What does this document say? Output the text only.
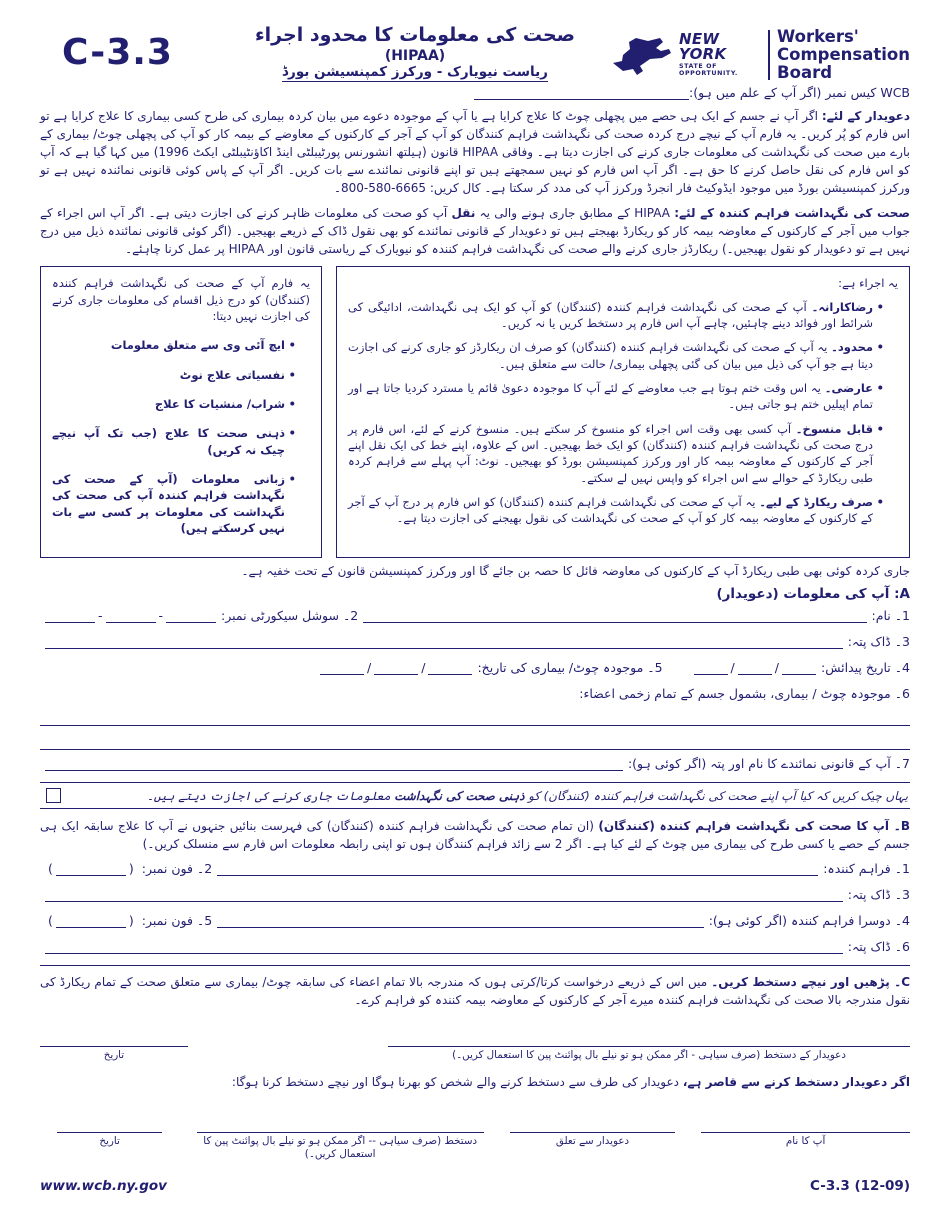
C-3.3	صحت کی معلومات کا محدود اجراء
(HIPAA)
ریاست نیویارک - ورکرز کمپنسیشن بورڈ
NEW YORK
STATE OF OPPORTUNITY.
Workers'
Compensation
Board
WCB کیس نمبر (اگر آپ کے علم میں ہو):

دعویدار کے لئے: اگر آپ نے جسم کے ایک ہی حصے میں پچھلی چوٹ کا علاج کرایا ہے یا آپ کے موجودہ دعوے میں بیان کردہ بیماری کی طرح کسی بیماری کا علاج کرایا ہے تو اس فارم کو پُر کریں۔ یہ فارم آپ کے نیچے درج کردہ صحت کی نگہداشت فراہم کنندگان کو آپ کے آجر کے کارکنوں کے معاوضے کے بیمہ کار کو آپ کی پچھلی چوٹ/ بیماری کے بارے میں صحت کی نگہداشت کی معلومات جاری کرنے کی اجازت دیتا ہے۔ وفاقی HIPAA قانون (ہیلتھ انشورنس پورٹیبلٹی اینڈ اکاؤنٹیبلٹی ایکٹ 1996) میں کہا گیا ہے کہ آپ کو اس فارم کی نقل حاصل کرنے کا حق ہے۔ اگر آپ اس فارم کو نہیں سمجھتے ہیں تو اپنے قانونی نمائندے سے بات کریں۔ اگر آپ کے پاس کوئی قانونی نمائندہ نہیں ہے تو ورکرز کمپنسیشن بورڈ میں موجود ایڈوکیٹ فار انجرڈ ورکرز آپ کی مدد کر سکتا ہے۔ کال کریں: 800-580-6665۔

صحت کی نگہداشت فراہم کنندہ کے لئے: HIPAA کے مطابق جاری ہونے والی یہ نقل آپ کو صحت کی معلومات ظاہر کرنے کی اجازت دیتی ہے۔ اگر آپ اس اجراء کے جواب میں آجر کے کارکنوں کے معاوضہ بیمہ کار کو ریکارڈ بھیجتے ہیں تو دعویدار کے قانونی نمائندے کو بھی نقول ڈاک کے ذریعے بھیجیں۔ (اگر کوئی قانونی نمائندہ ذیل میں درج نہیں ہے تو دعویدار کو نقول بھیجیں۔) ریکارڈز جاری کرنے والے صحت کی نگہداشت فراہم کنندہ کو نیویارک کے ریاستی قانون اور HIPAA پر عمل کرنا چاہئے۔

یہ اجراء ہے:

• رضاکارانہ۔ آپ کے صحت کی نگہداشت فراہم کنندہ (کنندگان) کو آپ کو ایک ہی نگہداشت، ادائیگی کی شرائط اور فوائد دینے چاہئیں، چاہے آپ اس فارم پر دستخط کریں یا نہ کریں۔
• محدود۔ یہ آپ کے صحت کی نگہداشت فراہم کنندہ (کنندگان) کو صرف ان ریکارڈز کو جاری کرنے کی اجازت دیتا ہے جو آپ کی ذیل میں بیان کی گئی پچھلی بیماری/ حالت سے متعلق ہیں۔
• عارضی۔ یہ اس وقت ختم ہوتا ہے جب معاوضے کے لئے آپ کا موجودہ دعویٰ قائم یا مسترد کردیا جاتا ہے اور تمام اپیلیں ختم ہو جاتی ہیں۔
• قابل منسوخ۔ آپ کسی بھی وقت اس اجراء کو منسوخ کر سکتے ہیں۔ منسوخ کرنے کے لئے، اس فارم پر درج صحت کی نگہداشت فراہم کنندہ (کنندگان) کو ایک خط بھیجیں۔ اس کے علاوہ، اپنے خط کی ایک نقل اپنے آجر کے کارکنوں کے معاوضہ بیمہ کار اور ورکرز کمپنسیشن بورڈ کو بھیجیں۔ نوٹ: آپ پہلے سے فراہم کردہ طبی ریکارڈ کے حوالے سے اس اجراء کو واپس نہیں لے سکتے۔
• صرف ریکارڈ کے لیے۔ یہ آپ کے صحت کی نگہداشت فراہم کنندہ (کنندگان) کو اس فارم پر درج آپ کے آجر کے کارکنوں کے معاوضہ بیمہ کار کو آپ کے صحت کی نگہداشت کی نقول بھیجنے کی اجازت دیتا ہے۔

یہ فارم آپ کے صحت کی نگہداشت فراہم کنندہ (کنندگان) کو درج ذیل اقسام کی معلومات جاری کرنے کی اجازت نہیں دیتا:

• ایچ آئی وی سے متعلق معلومات
• نفسیاتی علاج نوٹ
• شراب/ منشیات کا علاج
• ذہنی صحت کا علاج (جب تک آپ نیچے چیک نہ کریں)
• زبانی معلومات (آپ کے صحت کی نگہداشت فراہم کنندہ آپ کی صحت کی نگہداشت کی معلومات پر کسی سے بات نہیں کرسکتے ہیں)
جاری کردہ کوئی بھی طبی ریکارڈ آپ کے کارکنوں کی معاوضہ فائل کا حصہ بن جائے گا اور ورکرز کمپنسیشن قانون کے تحت خفیہ ہے۔
A: آپ کی معلومات (دعویدار)
1۔ نام:
2۔ سوشل سیکورٹی نمبر:
-	-
3۔ ڈاک پتہ:
4۔ تاریخ پیدائش:
/	/
5۔ موجودہ چوٹ/ بیماری کی تاریخ:
/	/
6۔ موجودہ چوٹ / بیماری، بشمول جسم کے تمام زخمی اعضاء:
7۔ آپ کے قانونی نمائندے کا نام اور پتہ (اگر کوئی ہو):
یہاں چیک کریں کہ کیا آپ اپنے صحت کی نگہداشت فراہم کنندہ (کنندگان) کو ذہنی صحت کی نگہداشت معلومات جاری کرنے کی اجازت دیتے ہیں۔

B۔ آپ کا صحت کی نگہداشت فراہم کنندہ (کنندگان) (ان تمام صحت کی نگہداشت فراہم کنندہ (کنندگان) کی فہرست بنائیں جنہوں نے آپ کا علاج سابقہ ایک ہی جسم کے حصے یا کسی طرح کی بیماری میں چوٹ کے لئے کیا ہے۔ اگر 2 سے زائد فراہم کنندگان ہوں تو اپنی رابطہ معلومات اس فارم سے منسلک کریں۔)

1۔ فراہم کنندہ:
2۔ فون نمبر:
(	)
3۔ ڈاک پتہ:
4۔ دوسرا فراہم کنندہ (اگر کوئی ہو):
5۔ فون نمبر:
(	)
6۔ ڈاک پتہ:

C۔ پڑھیں اور نیچے دستخط کریں۔ میں اس کے ذریعے درخواست کرتا/کرتی ہوں کہ مندرجہ بالا تمام اعضاء کی سابقہ چوٹ/ بیماری سے متعلق صحت کے تمام ریکارڈ کی نقول مندرجہ بالا صحت کی نگہداشت فراہم کنندہ میرے آجر کے کارکنوں کے معاوضہ بیمہ کنندہ کو فراہم کرے۔

دعویدار کے دستخط (صرف سیاہی - اگر ممکن ہو تو نیلے بال پوائنٹ پین کا استعمال کریں۔)
تاریخ

اگر دعویدار دستخط کرنے سے قاصر ہے، دعویدار کی طرف سے دستخط کرنے والے شخص کو بھرنا ہوگا اور نیچے دستخط کرنا ہوگا:

آپ کا نام
دعویدار سے تعلق
دستخط (صرف سیاہی -- اگر ممکن ہو تو نیلے بال پوائنٹ پین کا استعمال کریں۔)
تاریخ
www.wcb.ny.gov	C-3.3 (12-09)
